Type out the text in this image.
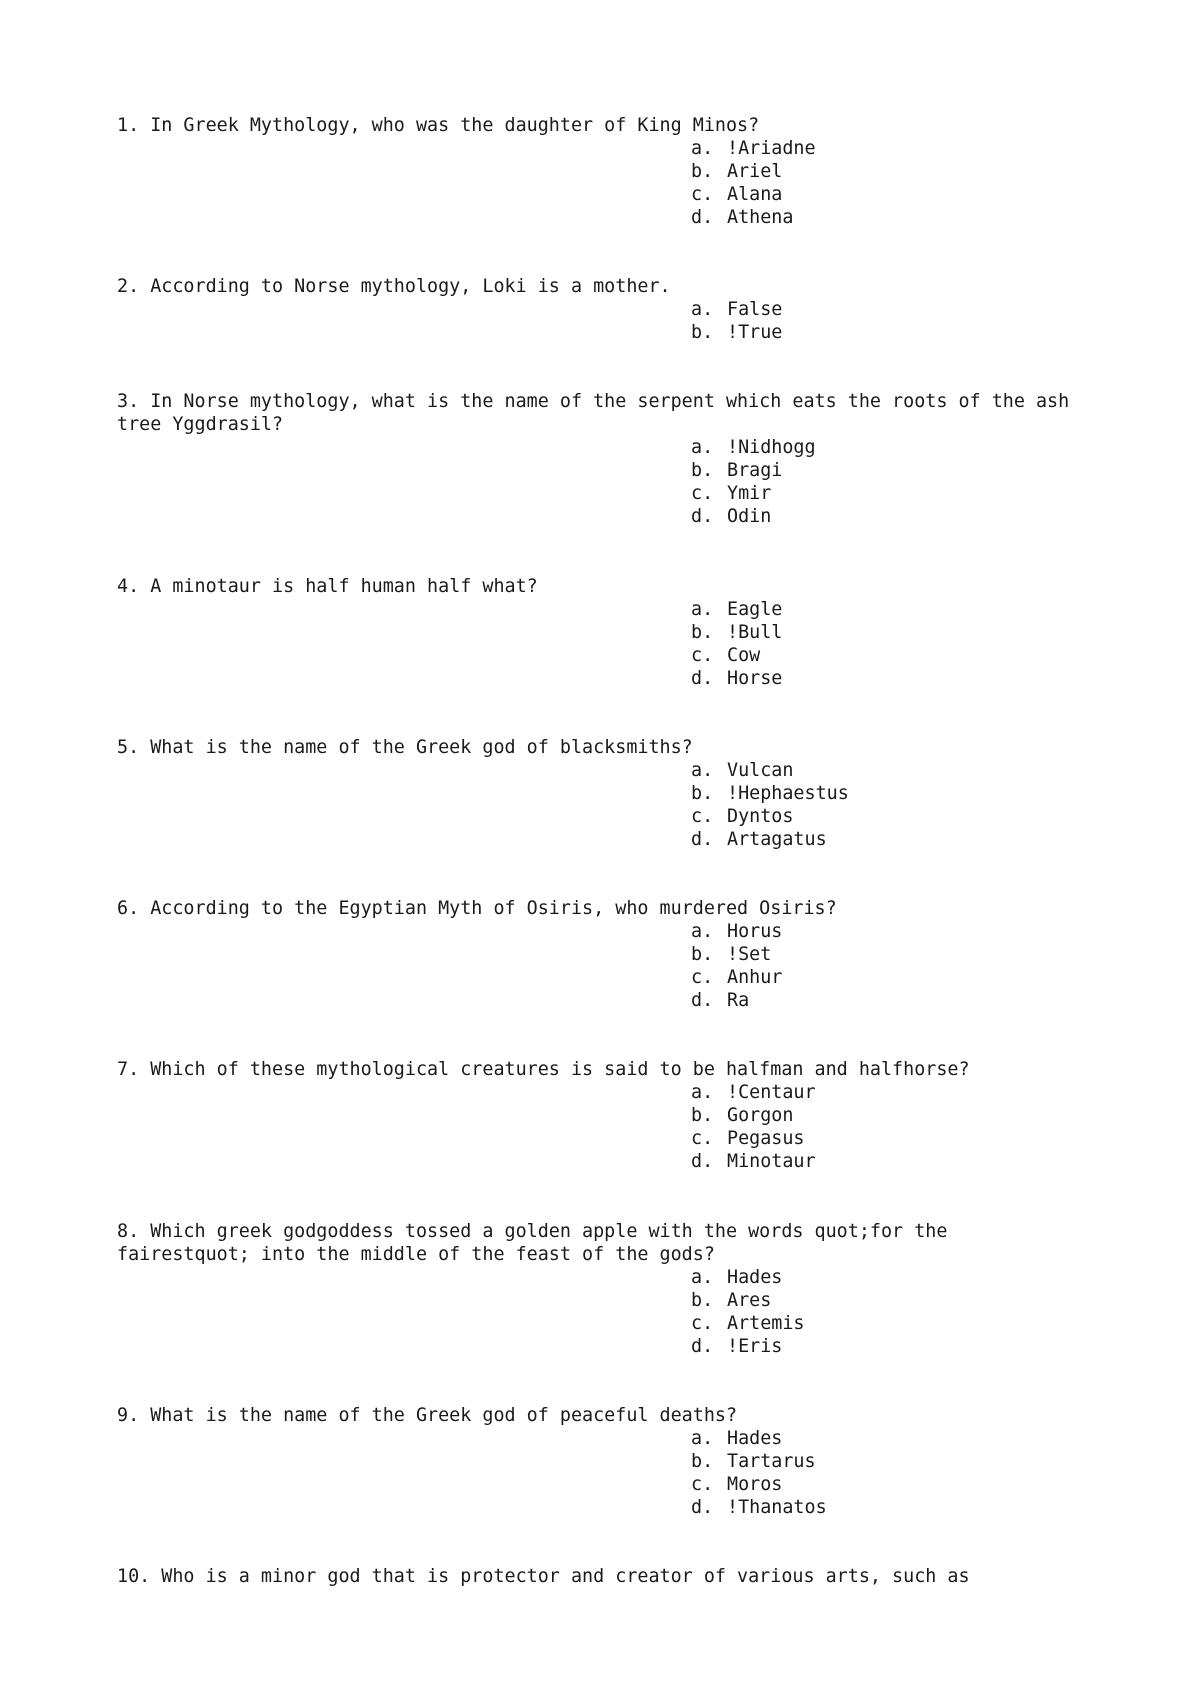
1. In Greek Mythology, who was the daughter of King Minos?

a. !Ariadne
b. Ariel
c. Alana
d. Athena

2. According to Norse mythology, Loki is a mother.

a. False
b. !True

3. In Norse mythology, what is the name of the serpent which eats the roots of the ash tree Yggdrasil?

a. !Nidhogg
b. Bragi
c. Ymir
d. Odin

4. A minotaur is half human half what?

a. Eagle
b. !Bull
c. Cow
d. Horse

5. What is the name of the Greek god of blacksmiths?

a. Vulcan
b. !Hephaestus
c. Dyntos
d. Artagatus

6. According to the Egyptian Myth of Osiris, who murdered Osiris?

a. Horus
b. !Set
c. Anhur
d. Ra

7. Which of these mythological creatures is said to be halfman and halfhorse?

a. !Centaur
b. Gorgon
c. Pegasus
d. Minotaur

8. Which greek godgoddess tossed a golden apple with the words quot;for the fairestquot; into the middle of the feast of the gods?

a. Hades
b. Ares
c. Artemis
d. !Eris

9. What is the name of the Greek god of peaceful deaths?

a. Hades
b. Tartarus
c. Moros
d. !Thanatos

10. Who is a minor god that is protector and creator of various arts, such as
